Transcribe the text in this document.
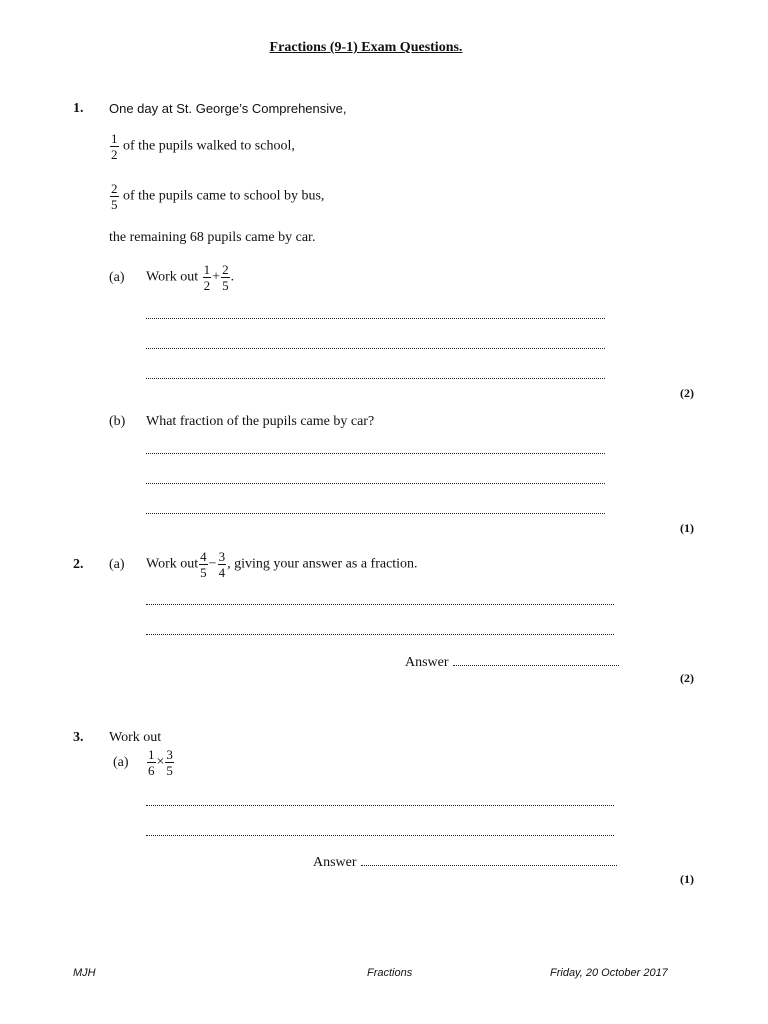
Fractions (9-1) Exam Questions.
1. One day at St. George’s Comprehensive,
$\frac{1}{2}$ of the pupils walked to school,
$\frac{2}{5}$ of the pupils came to school by bus,
the remaining 68 pupils came by car.
(a) Work out $\frac{1}{2} + \frac{2}{5}$ .
(2)
(b) What fraction of the pupils came by car?
(1)
2. (a) Work out $\frac{4}{5} - \frac{3}{4}$ , giving your answer as a fraction.
Answer
(2)
3. Work out
$(a) \frac{1}{6} \times \frac{3}{5}$
Answer
(1)
MJH	Fractions	Friday, 20 October 2017
